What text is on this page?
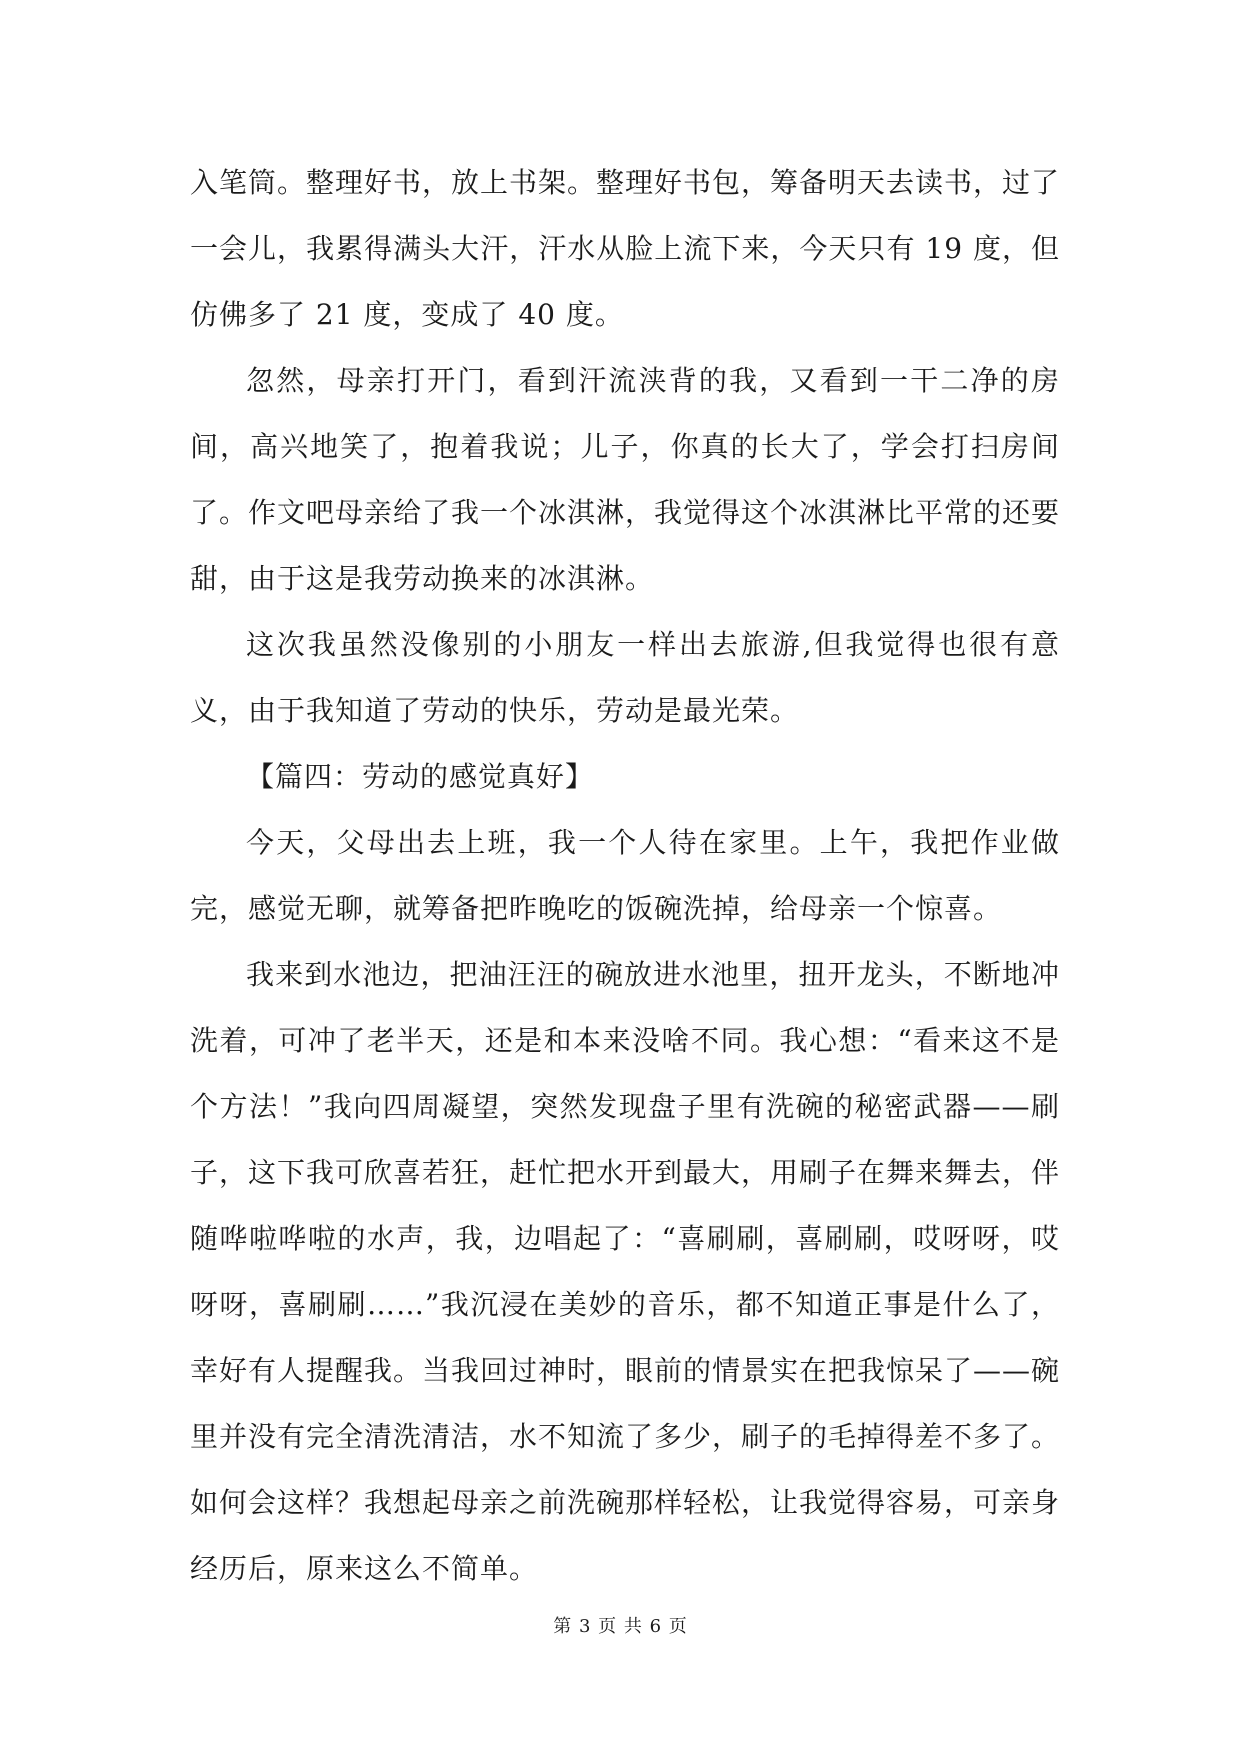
入笔筒。整理好书，放上书架。整理好书包，筹备明天去读书，过了一会儿，我累得满头大汗，汗水从脸上流下来，今天只有 19 度，但仿佛多了 21 度，变成了 40 度。

忽然，母亲打开门，看到汗流浃背的我，又看到一干二净的房间，高兴地笑了，抱着我说；儿子，你真的长大了，学会打扫房间了。作文吧母亲给了我一个冰淇淋，我觉得这个冰淇淋比平常的还要甜，由于这是我劳动换来的冰淇淋。

这次我虽然没像别的小朋友一样出去旅游,但我觉得也很有意义，由于我知道了劳动的快乐，劳动是最光荣。

【篇四：劳动的感觉真好】

今天，父母出去上班，我一个人待在家里。上午，我把作业做完，感觉无聊，就筹备把昨晚吃的饭碗洗掉，给母亲一个惊喜。

我来到水池边，把油汪汪的碗放进水池里，扭开龙头，不断地冲洗着，可冲了老半天，还是和本来没啥不同。我心想：“看来这不是个方法！”我向四周凝望，突然发现盘子里有洗碗的秘密武器——刷子，这下我可欣喜若狂，赶忙把水开到最大，用刷子在舞来舞去，伴随哗啦哗啦的水声，我，边唱起了：“喜刷刷，喜刷刷，哎呀呀，哎呀呀，喜刷刷……”我沉浸在美妙的音乐，都不知道正事是什么了，幸好有人提醒我。当我回过神时，眼前的情景实在把我惊呆了——碗里并没有完全清洗清洁，水不知流了多少，刷子的毛掉得差不多了。如何会这样？我想起母亲之前洗碗那样轻松，让我觉得容易，可亲身经历后，原来这么不简单。

第 3 页 共 6 页
